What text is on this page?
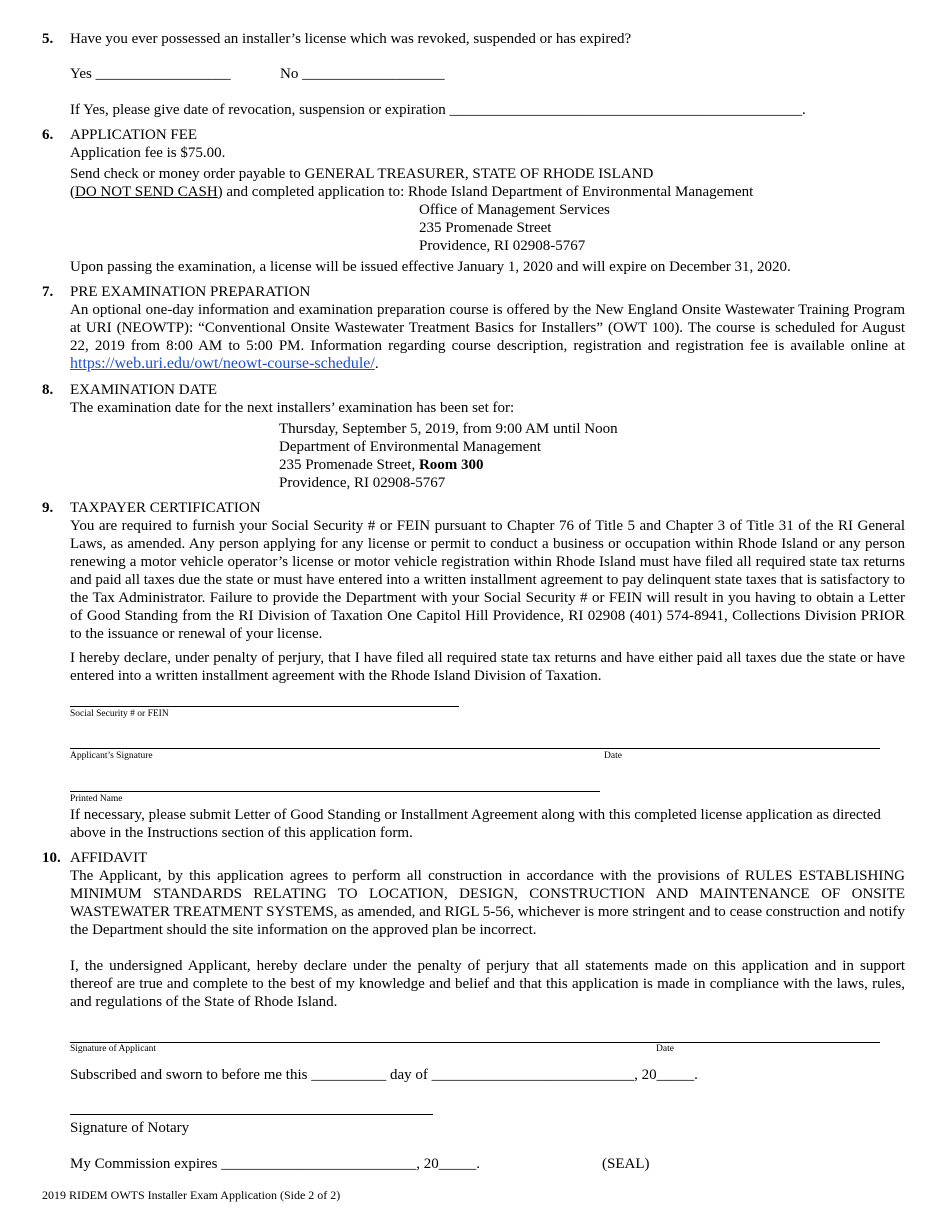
5. Have you ever possessed an installer’s license which was revoked, suspended or has expired?
Yes __________________	No ___________________
If Yes, please give date of revocation, suspension or expiration _______________________________________________.
6. APPLICATION FEE
Application fee is $75.00.
Send check or money order payable to GENERAL TREASURER, STATE OF RHODE ISLAND
(DO NOT SEND CASH) and completed application to: Rhode Island Department of Environmental Management
Office of Management Services
235 Promenade Street
Providence, RI 02908-5767
Upon passing the examination, a license will be issued effective January 1, 2020 and will expire on December 31, 2020.
7. PRE EXAMINATION PREPARATION
An optional one-day information and examination preparation course is offered by the New England Onsite Wastewater Training Program at URI (NEOWTP): “Conventional Onsite Wastewater Treatment Basics for Installers” (OWT 100). The course is scheduled for August 22, 2019 from 8:00 AM to 5:00 PM. Information regarding course description, registration and registration fee is available online at https://web.uri.edu/owt/neowt-course-schedule/.
8. EXAMINATION DATE
The examination date for the next installers’ examination has been set for:
Thursday, September 5, 2019, from 9:00 AM until Noon
Department of Environmental Management
235 Promenade Street, Room 300
Providence, RI 02908-5767
9. TAXPAYER CERTIFICATION
You are required to furnish your Social Security # or FEIN pursuant to Chapter 76 of Title 5 and Chapter 3 of Title 31 of the RI General Laws, as amended. Any person applying for any license or permit to conduct a business or occupation within Rhode Island or any person renewing a motor vehicle operator’s license or motor vehicle registration within Rhode Island must have filed all required state tax returns and paid all taxes due the state or must have entered into a written installment agreement to pay delinquent state taxes that is satisfactory to the Tax Administrator. Failure to provide the Department with your Social Security # or FEIN will result in you having to obtain a Letter of Good Standing from the RI Division of Taxation One Capitol Hill Providence, RI 02908 (401) 574-8941, Collections Division PRIOR to the issuance or renewal of your license.
I hereby declare, under penalty of perjury, that I have filed all required state tax returns and have either paid all taxes due the state or have entered into a written installment agreement with the Rhode Island Division of Taxation.
Social Security # or FEIN
Applicant’s Signature	Date
Printed Name
If necessary, please submit Letter of Good Standing or Installment Agreement along with this completed license application as directed above in the Instructions section of this application form.
10. AFFIDAVIT
The Applicant, by this application agrees to perform all construction in accordance with the provisions of RULES ESTABLISHING MINIMUM STANDARDS RELATING TO LOCATION, DESIGN, CONSTRUCTION AND MAINTENANCE OF ONSITE WASTEWATER TREATMENT SYSTEMS, as amended, and RIGL 5-56, whichever is more stringent and to cease construction and notify the Department should the site information on the approved plan be incorrect.
I, the undersigned Applicant, hereby declare under the penalty of perjury that all statements made on this application and in support thereof are true and complete to the best of my knowledge and belief and that this application is made in compliance with the laws, rules, and regulations of the State of Rhode Island.
Signature of Applicant	Date
Subscribed and sworn to before me this __________ day of ___________________________, 20_____.
Signature of Notary
My Commission expires __________________________, 20_____.	(SEAL)
2019 RIDEM OWTS Installer Exam Application (Side 2 of 2)
